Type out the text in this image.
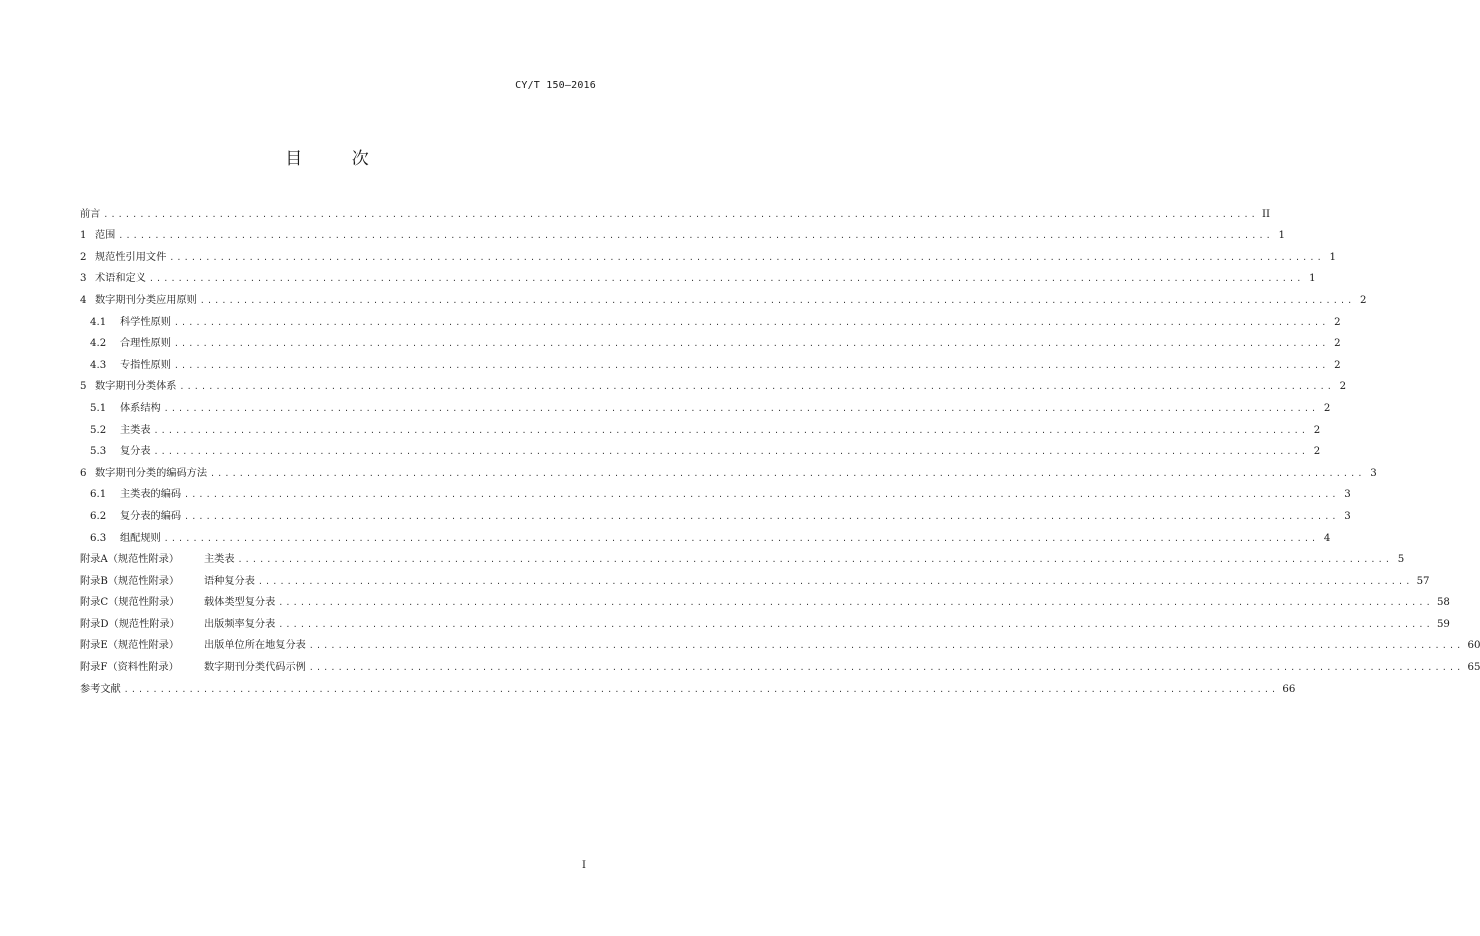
CY/T 150—2016
目 次
前言 ................................................................................................................................................................ II
1 范围 ................................................................................................................................................................ 1
2 规范性引用文件 ................................................................................................................................................................ 1
3 术语和定义 ................................................................................................................................................................ 1
4 数字期刊分类应用原则 ................................................................................................................................................................ 2
4.1 科学性原则 ................................................................................................................................................................ 2
4.2 合理性原则 ................................................................................................................................................................ 2
4.3 专指性原则 ................................................................................................................................................................ 2
5 数字期刊分类体系 ................................................................................................................................................................ 2
5.1 体系结构 ................................................................................................................................................................ 2
5.2 主类表 ................................................................................................................................................................ 2
5.3 复分表 ................................................................................................................................................................ 2
6 数字期刊分类的编码方法 ................................................................................................................................................................ 3
6.1 主类表的编码 ................................................................................................................................................................ 3
6.2 复分表的编码 ................................................................................................................................................................ 3
6.3 组配规则 ................................................................................................................................................................ 4
附录A（规范性附录） 主类表 ................................................................................................................................................................ 5
附录B（规范性附录） 语种复分表 ................................................................................................................................................................ 57
附录C（规范性附录） 载体类型复分表 ................................................................................................................................................................ 58
附录D（规范性附录） 出版频率复分表 ................................................................................................................................................................ 59
附录E（规范性附录） 出版单位所在地复分表 ................................................................................................................................................................ 60
附录F（资料性附录） 数字期刊分类代码示例 ................................................................................................................................................................ 65
参考文献 ................................................................................................................................................................ 66
I
